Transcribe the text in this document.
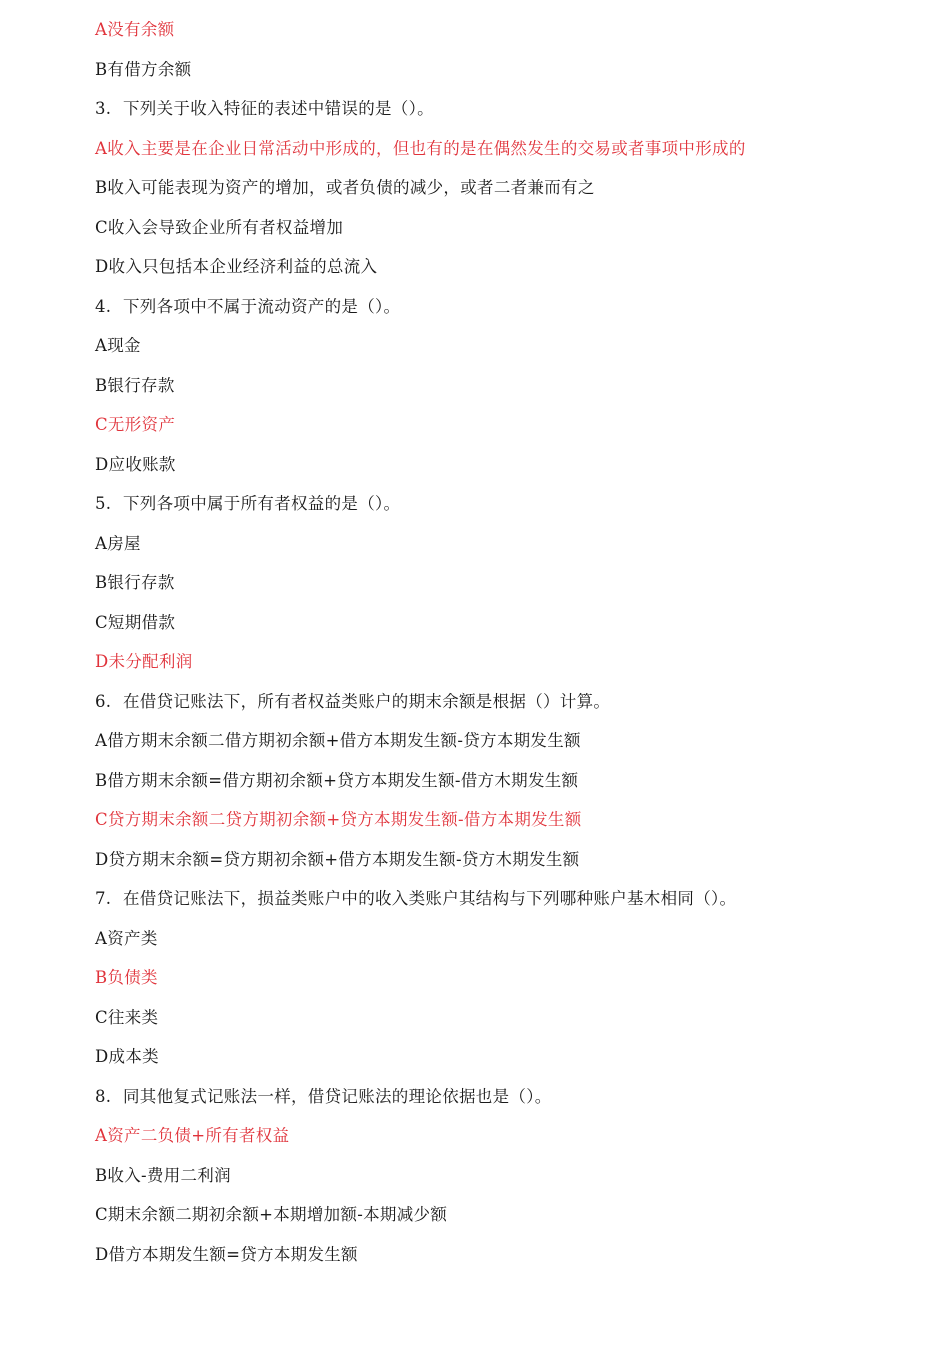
A没有余额
B有借方余额
3. 下列关于收入特征的表述中错误的是（）。
A收入主要是在企业日常活动中形成的，但也有的是在偶然发生的交易或者事项中形成的
B收入可能表现为资产的增加，或者负债的减少，或者二者兼而有之
C收入会导致企业所有者权益增加
D收入只包括本企业经济利益的总流入
4. 下列各项中不属于流动资产的是（）。
A现金
B银行存款
C无形资产
D应收账款
5. 下列各项中属于所有者权益的是（）。
A房屋
B银行存款
C短期借款
D未分配利润
6. 在借贷记账法下，所有者权益类账户的期末余额是根据（）计算。
A借方期末余额二借方期初余额+借方本期发生额-贷方本期发生额
B借方期末余额=借方期初余额+贷方本期发生额-借方木期发生额
C贷方期末余额二贷方期初余额+贷方本期发生额-借方本期发生额
D贷方期末余额=贷方期初余额+借方本期发生额-贷方木期发生额
7. 在借贷记账法下，损益类账户中的收入类账户其结构与下列哪种账户基木相同（）。
A资产类
B负债类
C往来类
D成本类
8. 同其他复式记账法一样，借贷记账法的理论依据也是（）。
A资产二负债+所有者权益
B收入-费用二利润
C期末余额二期初余额+本期增加额-本期减少额
D借方本期发生额=贷方本期发生额
